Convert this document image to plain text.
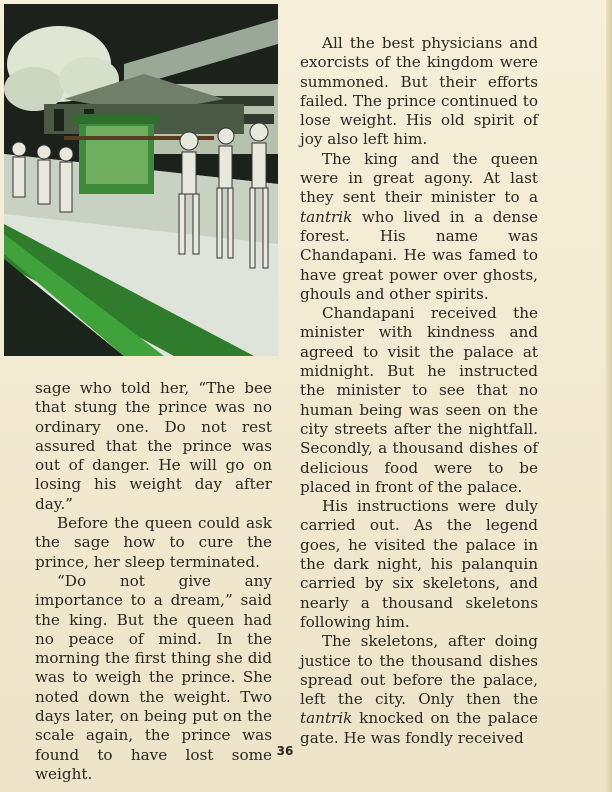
sage who told her, “The bee that stung the prince was no ordinary one. Do not rest assured that the prince was out of danger. He will go on losing his weight day after day.”

Before the queen could ask the sage how to cure the prince, her sleep terminated.

“Do not give any importance to a dream,” said the king. But the queen had no peace of mind. In the morning the first thing she did was to weigh the prince. She noted down the weight. Two days later, on being put on the scale again, the prince was found to have lost some weight.

All the best physicians and exorcists of the kingdom were summoned. But their efforts failed. The prince continued to lose weight. His old spirit of joy also left him.

The king and the queen were in great agony. At last they sent their minister to a tantrik who lived in a dense forest. His name was Chandapani. He was famed to have great power over ghosts, ghouls and other spirits.

Chandapani received the minister with kindness and agreed to visit the palace at midnight. But he instructed the minister to see that no human being was seen on the city streets after the nightfall. Secondly, a thousand dishes of delicious food were to be placed in front of the palace.

His instructions were duly carried out. As the legend goes, he visited the palace in the dark night, his palanquin carried by six skeletons, and nearly a thousand skeletons following him.

The skeletons, after doing justice to the thousand dishes spread out before the palace, left the city. Only then the tantrik knocked on the palace gate. He was fondly received

36
